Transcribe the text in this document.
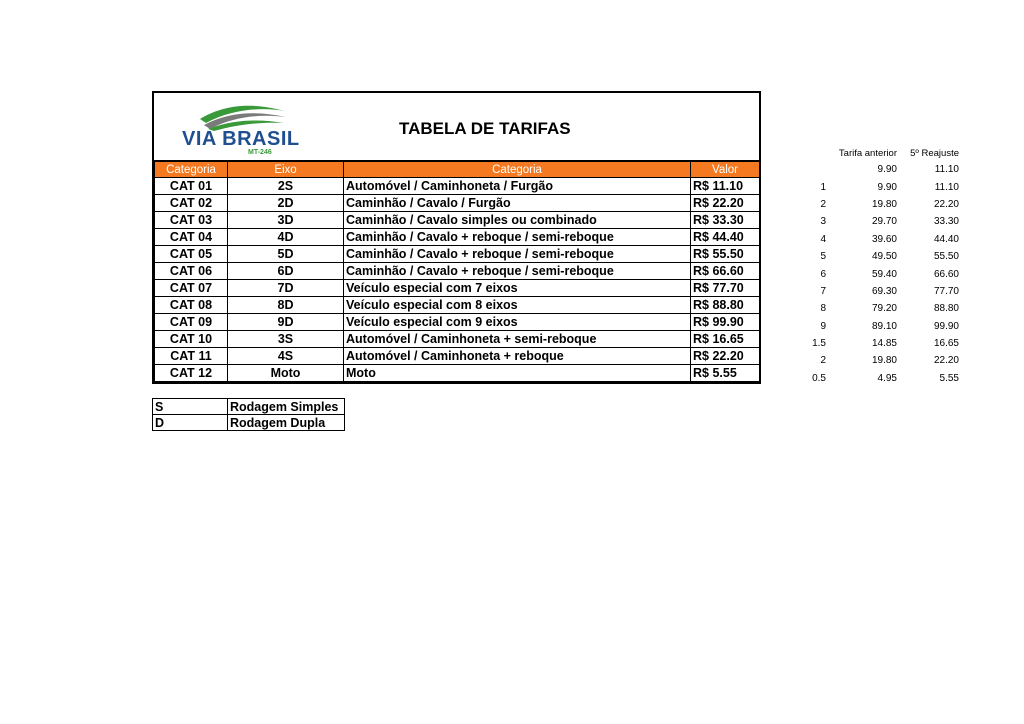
VIA BRASIL
MT-246
TABELA DE TARIFAS
Categoria	Eixo	Categoria	Valor
CAT 01	2S	Automóvel / Caminhoneta / Furgão	R$ 11.10
CAT 02	2D	Caminhão / Cavalo / Furgão	R$ 22.20
CAT 03	3D	Caminhão / Cavalo simples ou combinado	R$ 33.30
CAT 04	4D	Caminhão / Cavalo + reboque / semi-reboque	R$ 44.40
CAT 05	5D	Caminhão / Cavalo + reboque / semi-reboque	R$ 55.50
CAT 06	6D	Caminhão / Cavalo + reboque / semi-reboque	R$ 66.60
CAT 07	7D	Veículo especial com 7 eixos	R$ 77.70
CAT 08	8D	Veículo especial com 8 eixos	R$ 88.80
CAT 09	9D	Veículo especial com 9 eixos	R$ 99.90
CAT 10	3S	Automóvel / Caminhoneta + semi-reboque	R$ 16.65
CAT 11	4S	Automóvel / Caminhoneta + reboque	R$ 22.20
CAT 12	Moto	Moto	R$ 5.55
S	Rodagem Simples
D	Rodagem Dupla
	Tarifa anterior	5º Reajuste
	9.90	11.10
1	9.90	11.10
2	19.80	22.20
3	29.70	33.30
4	39.60	44.40
5	49.50	55.50
6	59.40	66.60
7	69.30	77.70
8	79.20	88.80
9	89.10	99.90
1.5	14.85	16.65
2	19.80	22.20
0.5	4.95	5.55
